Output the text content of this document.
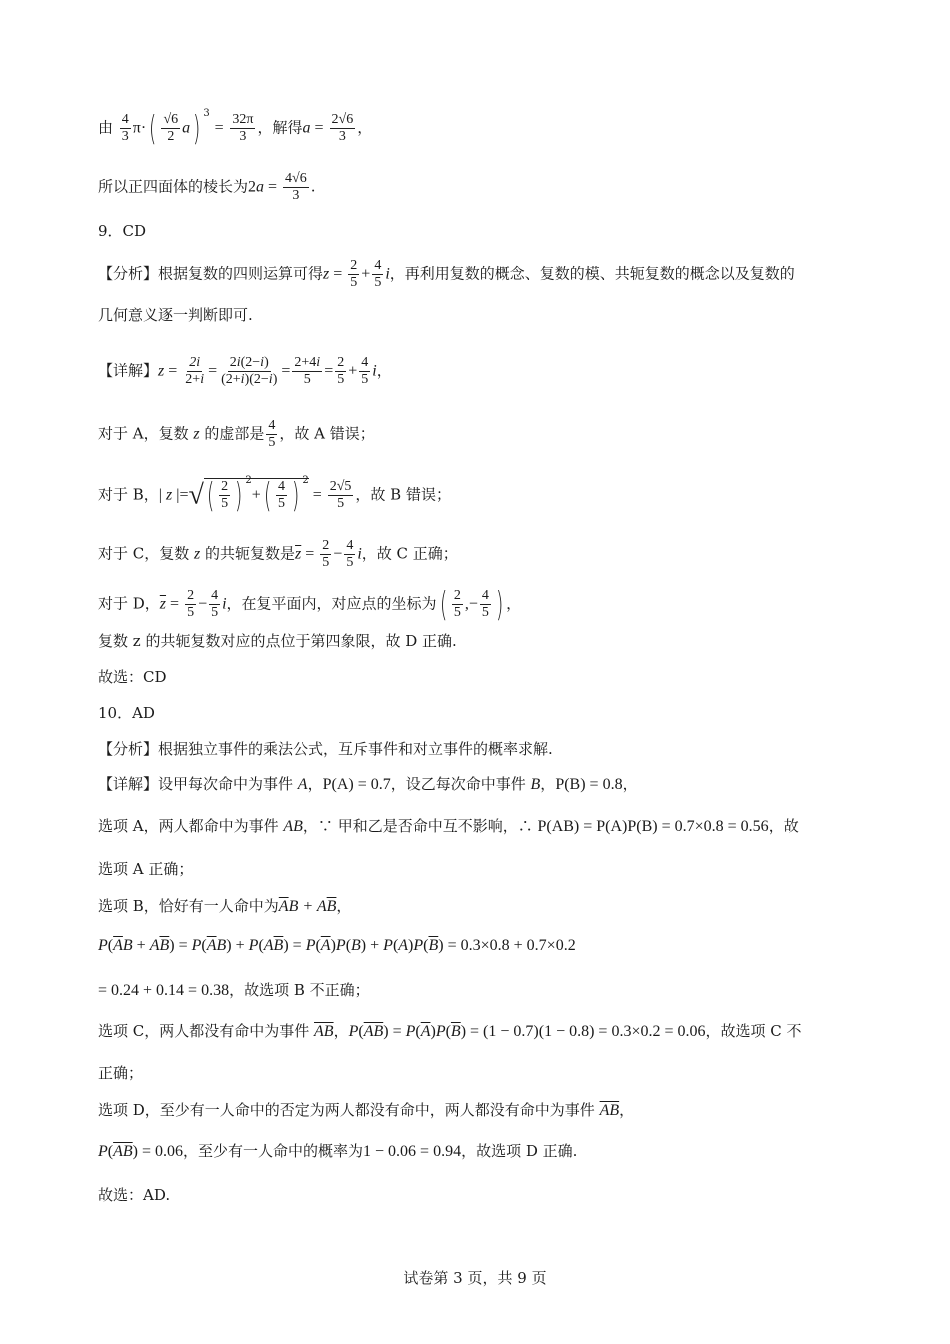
由 $\frac{4}{3} \pi\cdot( \frac{√6}{2} a) ^3 = \frac{32\pi}{3}$ ，解得$a = \frac{2√6}{3}$ ，
所以正四面体的棱长为$2a = \frac{4√6}{3}$ .
9．CD
【分析】根据复数的四则运算可得$z = \frac{2}{5} + \frac{4}{5}$ i，再利用复数的概念、复数的模、共轭复数的概念以及复数的
几何意义逐一判断即可.
【详解】$z = \frac{2i}{2+i} = \frac{2i(2-i)}{(2+i)(2-i)} = \frac{2+4i}{5} = \frac{2}{5} + \frac{4}{5}$ i，
对于 A，复数 z 的虚部是 $\frac{4}{5}$ ，故 A 错误；
对于 B，| z |=√( $\frac{2}{5}$ ) $^2+( \frac{4}{5}$ ) $^2 = \frac{2√5}{5}$ ，故 B 错误；
对于 C，复数 z 的共轭复数是$\overline{z} = \frac{2}{5} - \frac{4}{5}$ i，故 C 正确；
对于 D，$\overline{z} = \frac{2}{5} - \frac{4}{5}$ i，在复平面内，对应点的坐标为( $\frac{2}{5}$ ,− $\frac{4}{5}$ ) ，
复数 z 的共轭复数对应的点位于第四象限，故 D 正确.
故选：CD
10．AD
【分析】根据独立事件的乘法公式，互斥事件和对立事件的概率求解.
【详解】设甲每次命中为事件 A，P(A) = 0.7，设乙每次命中事件 B，P(B) = 0.8，
选项 A，两人都命中为事件 AB，∵ 甲和乙是否命中互不影响，∴ P(AB) = P(A)P(B) = 0.7×0.8 = 0.56，故
选项 A 正确；
选项 B，恰好有一人命中为$\overline{A}B + A\overline{B}$，
$P(\overline{A}B + A\overline{B}) = P(\overline{A}B) + P(A\overline{B}) = P(\overline{A})P(B) + P(A)P(\overline{B}) = 0.3\times 0.8 + 0.7\times 0.2$
= 0.24 + 0.14 = 0.38，故选项 B 不正确；
选项 C，两人都没有命中为事件 $\overline{AB}$，$P(\overline{AB}) = P(\overline{A})P(\overline{B}) = (1 - 0.7)(1 - 0.8) = 0.3\times 0.2 = 0.06$，故选项 C 不
正确；
选项 D，至少有一人命中的否定为两人都没有命中，两人都没有命中为事件 $\overline{AB}$，
$P(\overline{AB}) = 0.06$，至少有一人命中的概率为1 − 0.06 = 0.94，故选项 D 正确.
故选：AD.
试卷第 3 页，共 9 页
